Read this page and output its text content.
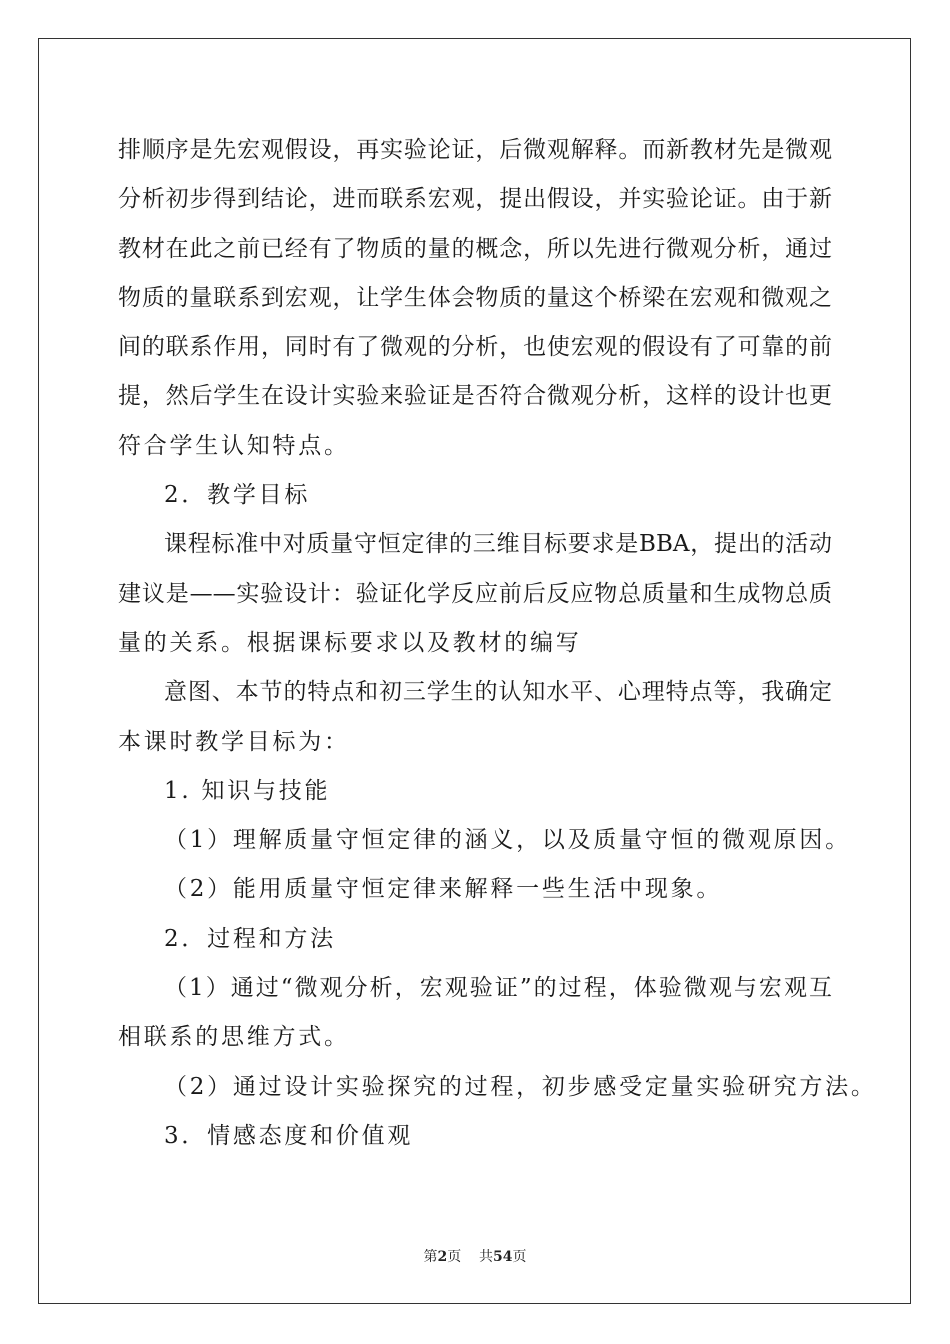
排顺序是先宏观假设，再实验论证，后微观解释。而新教材先是微观
分析初步得到结论，进而联系宏观，提出假设，并实验论证。由于新
教材在此之前已经有了物质的量的概念，所以先进行微观分析，通过
物质的量联系到宏观，让学生体会物质的量这个桥梁在宏观和微观之
间的联系作用，同时有了微观的分析，也使宏观的假设有了可靠的前
提，然后学生在设计实验来验证是否符合微观分析，这样的设计也更
符合学生认知特点。
2．教学目标
课程标准中对质量守恒定律的三维目标要求是BBA，提出的活动
建议是——实验设计：验证化学反应前后反应物总质量和生成物总质
量的关系。根据课标要求以及教材的编写
意图、本节的特点和初三学生的认知水平、心理特点等，我确定
本课时教学目标为：
1. 知识与技能
（1）理解质量守恒定律的涵义，以及质量守恒的微观原因。
（2）能用质量守恒定律来解释一些生活中现象。
2．过程和方法
（1）通过“微观分析，宏观验证”的过程，体验微观与宏观互
相联系的思维方式。
（2）通过设计实验探究的过程，初步感受定量实验研究方法。
3．情感态度和价值观
第2页 共54页
